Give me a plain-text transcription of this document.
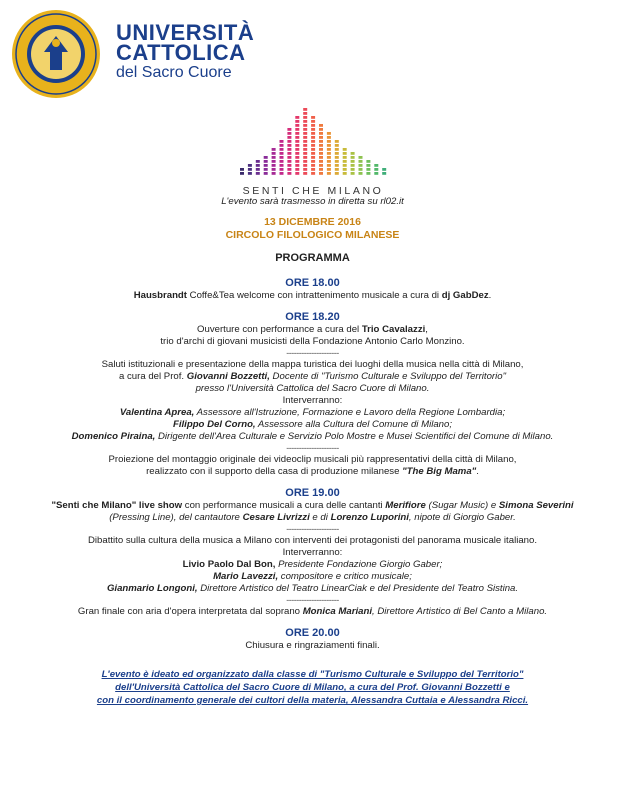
UNIVERSITÀ
CATTOLICA
del Sacro Cuore
SENTI CHE MILANO
L'evento sarà trasmesso in diretta su rl02.it
13 DICEMBRE 2016
CIRCOLO FILOLOGICO MILANESE
PROGRAMMA
ORE 18.00
Hausbrandt Coffe&Tea welcome con intrattenimento musicale a cura di dj GabDez.
ORE 18.20
Ouverture con performance a cura del Trio Cavalazzi,
trio d'archi di giovani musicisti della Fondazione Antonio Carlo Monzino.
---------------------
Saluti istituzionali e presentazione della mappa turistica dei luoghi della musica nella città di Milano,
a cura del Prof. Giovanni Bozzetti, Docente di "Turismo Culturale e Sviluppo del Territorio"
presso l'Università Cattolica del Sacro Cuore di Milano.
Interverranno:
Valentina Aprea, Assessore all'Istruzione, Formazione e Lavoro della Regione Lombardia;
Filippo Del Corno, Assessore alla Cultura del Comune di Milano;
Domenico Piraina, Dirigente dell'Area Culturale e Servizio Polo Mostre e Musei Scientifici del Comune di Milano.
---------------------
Proiezione del montaggio originale dei videoclip musicali più rappresentativi della città di Milano,
realizzato con il supporto della casa di produzione milanese "The Big Mama".
ORE 19.00
"Senti che Milano" live show con performance musicali a cura delle cantanti Merifiore (Sugar Music) e Simona Severini
(Pressing Line), del cantautore Cesare Livrizzi e di Lorenzo Luporini, nipote di Giorgio Gaber.
---------------------
Dibattito sulla cultura della musica a Milano con interventi dei protagonisti del panorama musicale italiano.
Interverranno:
Livio Paolo Dal Bon, Presidente Fondazione Giorgio Gaber;
Mario Lavezzi, compositore e critico musicale;
Gianmario Longoni, Direttore Artistico del Teatro LinearCiak e del Presidente del Teatro Sistina.
---------------------
Gran finale con aria d'opera interpretata dal soprano Monica Mariani, Direttore Artistico di Bel Canto a Milano.
ORE 20.00
Chiusura e ringraziamenti finali.
L'evento è ideato ed organizzato dalla classe di "Turismo Culturale e Sviluppo del Territorio"
dell'Università Cattolica del Sacro Cuore di Milano, a cura del Prof. Giovanni Bozzetti e
con il coordinamento generale dei cultori della materia, Alessandra Cuttaia e Alessandra Ricci.
